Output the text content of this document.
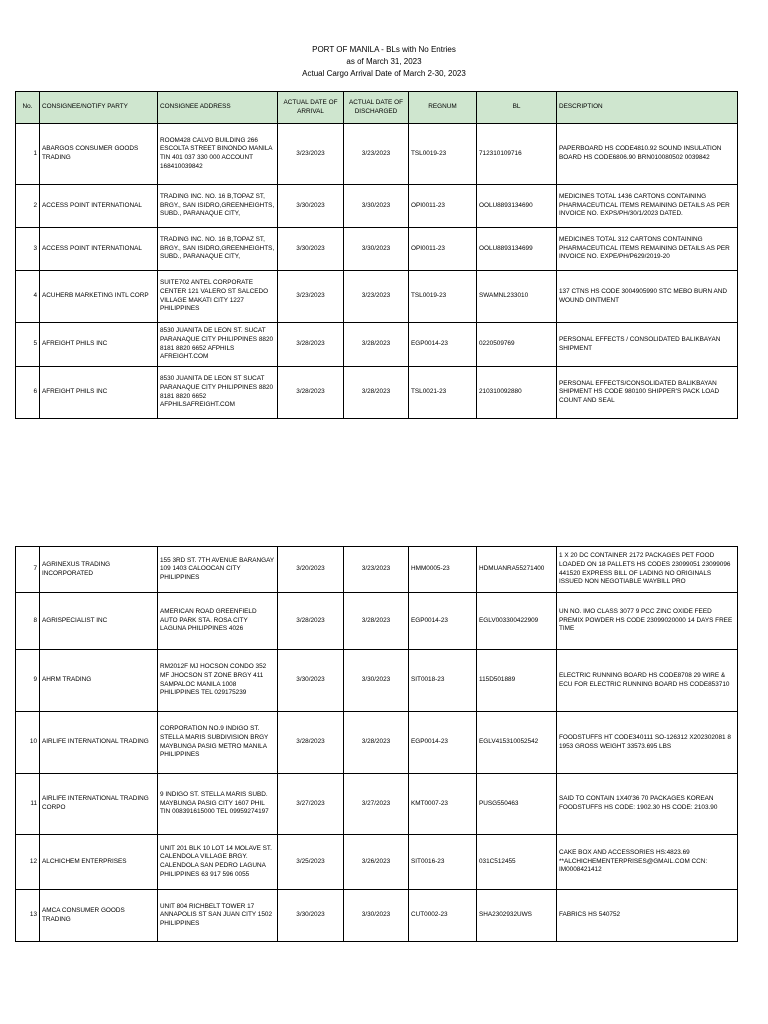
PORT OF MANILA - BLs with No Entries
as of March 31, 2023
Actual Cargo Arrival Date of March 2-30, 2023
No.	CONSIGNEE/NOTIFY PARTY	CONSIGNEE ADDRESS	ACTUAL DATE OF ARRIVAL	ACTUAL DATE OF DISCHARGED	REGNUM	BL	DESCRIPTION
1	ABARGOS CONSUMER GOODS TRADING	ROOM428 CALVO BUILDING 266 ESCOLTA STREET BINONDO MANILA TIN 401 037 330 000 ACCOUNT 168410039842	3/23/2023	3/23/2023	TSL0019-23	712310109716	PAPERBOARD HS CODE4810.92 SOUND INSULATION BOARD HS CODE6806.90 BRN010080502 0039842
2	ACCESS POINT INTERNATIONAL	TRADING INC. NO. 16 B,TOPAZ ST, BRGY., SAN ISIDRO,GREENHEIGHTS, SUBD., PARANAQUE CITY,	3/30/2023	3/30/2023	OPI0011-23	OOLU8893134690	MEDICINES TOTAL 1436 CARTONS CONTAINING PHARMACEUTICAL ITEMS REMAINING DETAILS AS PER INVOICE NO. EXPS/PH/30/1/2023 DATED.
3	ACCESS POINT INTERNATIONAL	TRADING INC. NO. 16 B,TOPAZ ST, BRGY., SAN ISIDRO,GREENHEIGHTS, SUBD., PARANAQUE CITY,	3/30/2023	3/30/2023	OPI0011-23	OOLU8893134699	MEDICINES TOTAL 312 CARTONS CONTAINING PHARMACEUTICAL ITEMS REMAINING DETAILS AS PER INVOICE NO. EXPE/PH/P629/2019-20
4	ACUHERB MARKETING INTL CORP	SUITE702 ANTEL CORPORATE CENTER 121 VALERO ST SALCEDO VILLAGE MAKATI CITY 1227 PHILIPPINES	3/23/2023	3/23/2023	TSL0019-23	SWAMNL233010	137 CTNS HS CODE 3004905990 STC MEBO BURN AND WOUND OINTMENT
5	AFREIGHT PHILS INC	8530 JUANITA DE LEON ST. SUCAT PARANAQUE CITY PHILIPPINES 8820 8181 8820 6652 AFPHILS AFREIGHT.COM	3/28/2023	3/28/2023	EGP0014-23	0220509769	PERSONAL EFFECTS / CONSOLIDATED BALIKBAYAN SHIPMENT
6	AFREIGHT PHILS INC	8530 JUANITA DE LEON ST SUCAT PARANAQUE CITY PHILIPPINES 8820 8181 8820 6652 AFPHILSAFREIGHT.COM	3/28/2023	3/28/2023	TSL0021-23	210310092880	PERSONAL EFFECTS/CONSOLIDATED BALIKBAYAN SHIPMENT HS CODE 980100 SHIPPER'S PACK LOAD COUNT AND SEAL
7	AGRINEXUS TRADING INCORPORATED	155 3RD ST. 7TH AVENUE BARANGAY 109 1403 CALOOCAN CITY PHILIPPINES	3/20/2023	3/23/2023	HMM0005-23	HDMUANRA55271400	1 X 20 DC CONTAINER 2172 PACKAGES PET FOOD LOADED ON 18 PALLETS HS CODES 23099051 23099096 441520 EXPRESS BILL OF LADING NO ORIGINALS ISSUED NON NEGOTIABLE WAYBILL PRO
8	AGRISPECIALIST INC	AMERICAN ROAD GREENFIELD AUTO PARK STA. ROSA CITY LAGUNA PHILIPPINES 4026	3/28/2023	3/28/2023	EGP0014-23	EGLV003300422909	UN NO. IMO CLASS 3077 9 PCC ZINC OXIDE FEED PREMIX POWDER HS CODE 23099020000 14 DAYS FREE TIME
9	AHRM TRADING	RM2012F MJ HOCSON CONDO 352 MF JHOCSON ST ZONE BRGY 411 SAMPALOC MANILA 1008 PHILIPPINES TEL 029175239	3/30/2023	3/30/2023	SIT0018-23	115D501889	ELECTRIC RUNNING BOARD HS CODE8708 29 WIRE & ECU FOR ELECTRIC RUNNING BOARD HS CODE853710
10	AIRLIFE INTERNATIONAL TRADING	CORPORATION NO.9 INDIGO ST. STELLA MARIS SUBDIVISION BRGY MAYBUNGA PASIG METRO MANILA PHILIPPINES	3/28/2023	3/28/2023	EGP0014-23	EGLV415310052542	FOODSTUFFS HT CODE340111 SO-126312 X202302081 8 1953 GROSS WEIGHT 33573.695 LBS
11	AIRLIFE INTERNATIONAL TRADING CORPO	9 INDIGO ST. STELLA MARIS SUBD. MAYBUNGA PASIG CITY 1607 PHIL TIN 008391615000 TEL 09959274197	3/27/2023	3/27/2023	KMT0007-23	PUSG550463	SAID TO CONTAIN 1X40'36 70 PACKAGES KOREAN FOODSTUFFS HS CODE: 1902.30 HS CODE: 2103.90
12	ALCHICHEM ENTERPRISES	UNIT 201 BLK 10 LOT 14 MOLAVE ST. CALENDOLA VILLAGE BRGY. CALENDOLA SAN PEDRO LAGUNA PHILIPPINES 63 917 596 0055	3/25/2023	3/26/2023	SIT0016-23	031C512455	CAKE BOX AND ACCESSORIES HS:4823.69 **ALCHICHEMENTERPRISES@GMAIL.COM CCN: IM0008421412
13	AMCA CONSUMER GOODS TRADING	UNIT 804 RICHBELT TOWER 17 ANNAPOLIS ST SAN JUAN CITY 1502 PHILIPPINES	3/30/2023	3/30/2023	CUT0002-23	SHA2302932UWS	FABRICS HS 540752
